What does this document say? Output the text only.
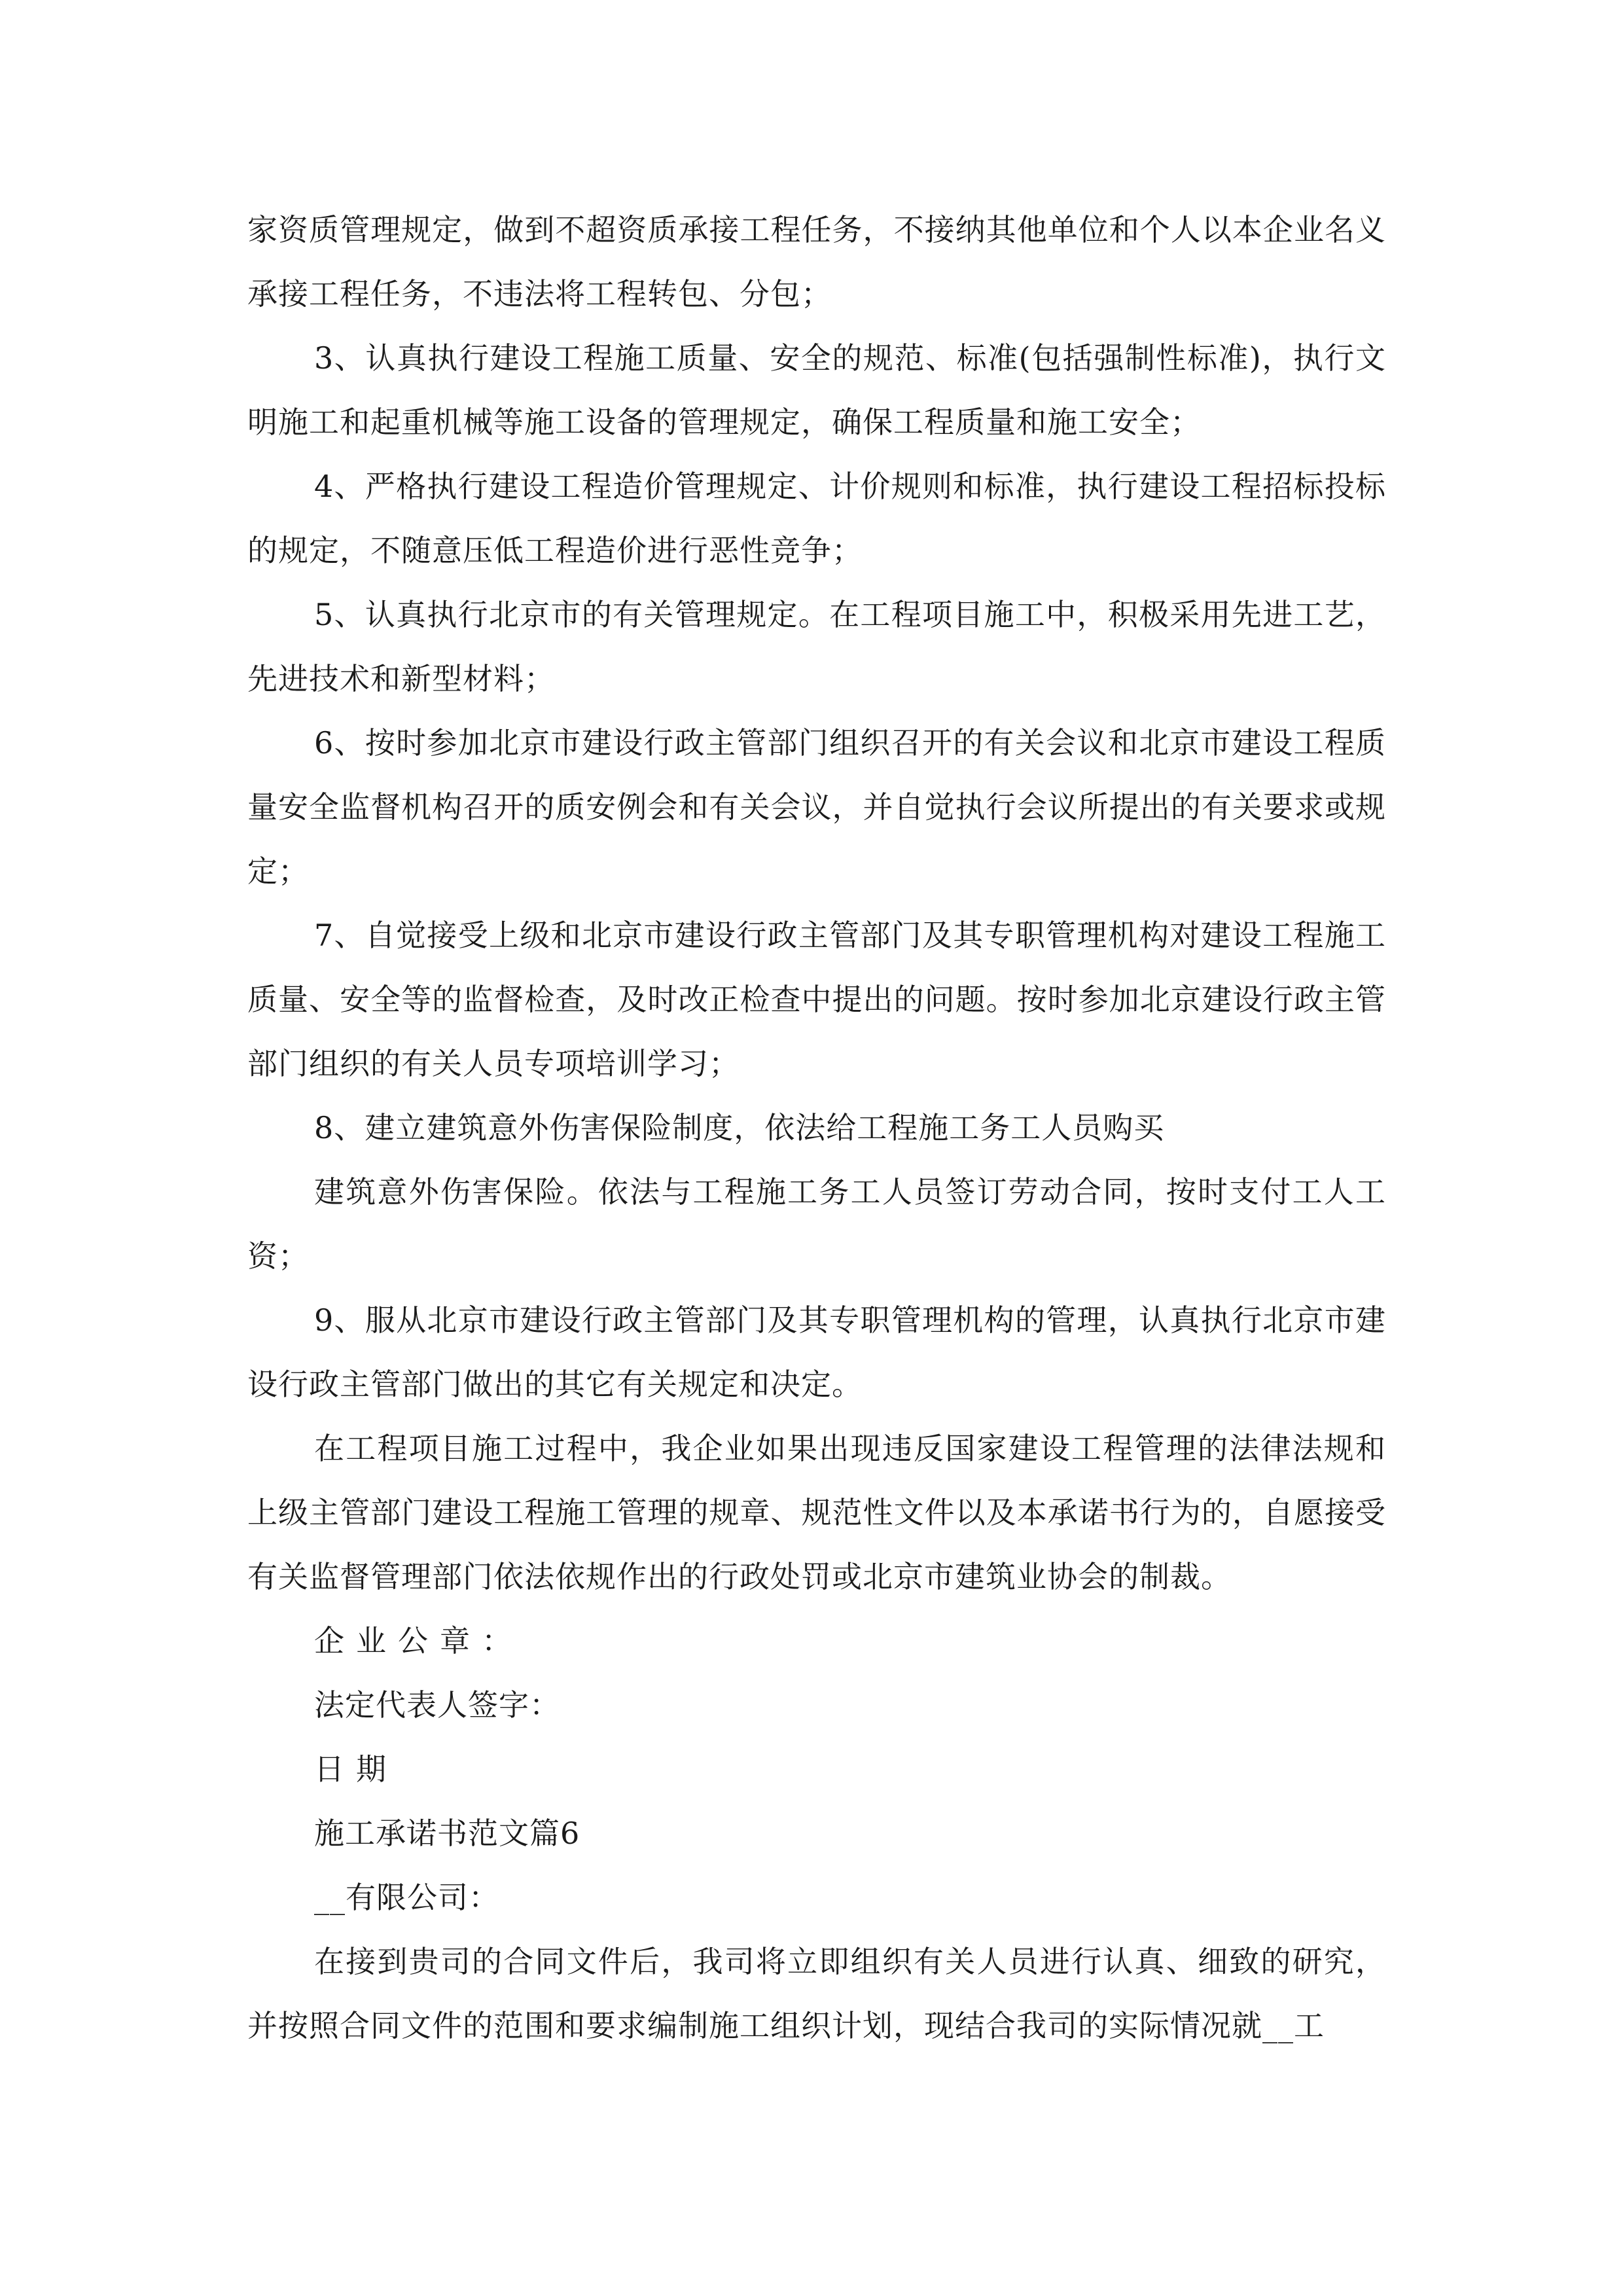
家资质管理规定，做到不超资质承接工程任务，不接纳其他单位和个人以本企业名义承接工程任务，不违法将工程转包、分包；

3、认真执行建设工程施工质量、安全的规范、标准(包括强制性标准)，执行文明施工和起重机械等施工设备的管理规定，确保工程质量和施工安全；

4、严格执行建设工程造价管理规定、计价规则和标准，执行建设工程招标投标的规定，不随意压低工程造价进行恶性竞争；

5、认真执行北京市的有关管理规定。在工程项目施工中，积极采用先进工艺，先进技术和新型材料；

6、按时参加北京市建设行政主管部门组织召开的有关会议和北京市建设工程质量安全监督机构召开的质安例会和有关会议，并自觉执行会议所提出的有关要求或规定；

7、自觉接受上级和北京市建设行政主管部门及其专职管理机构对建设工程施工质量、安全等的监督检查，及时改正检查中提出的问题。按时参加北京建设行政主管部门组织的有关人员专项培训学习；

8、建立建筑意外伤害保险制度，依法给工程施工务工人员购买

建筑意外伤害保险。依法与工程施工务工人员签订劳动合同，按时支付工人工资；

9、服从北京市建设行政主管部门及其专职管理机构的管理，认真执行北京市建设行政主管部门做出的其它有关规定和决定。

在工程项目施工过程中，我企业如果出现违反国家建设工程管理的法律法规和上级主管部门建设工程施工管理的规章、规范性文件以及本承诺书行为的，自愿接受有关监督管理部门依法依规作出的行政处罚或北京市建筑业协会的制裁。

企业公章：

法定代表人签字：

日期

施工承诺书范文篇6

__有限公司：

在接到贵司的合同文件后，我司将立即组织有关人员进行认真、细致的研究，并按照合同文件的范围和要求编制施工组织计划，现结合我司的实际情况就__工
